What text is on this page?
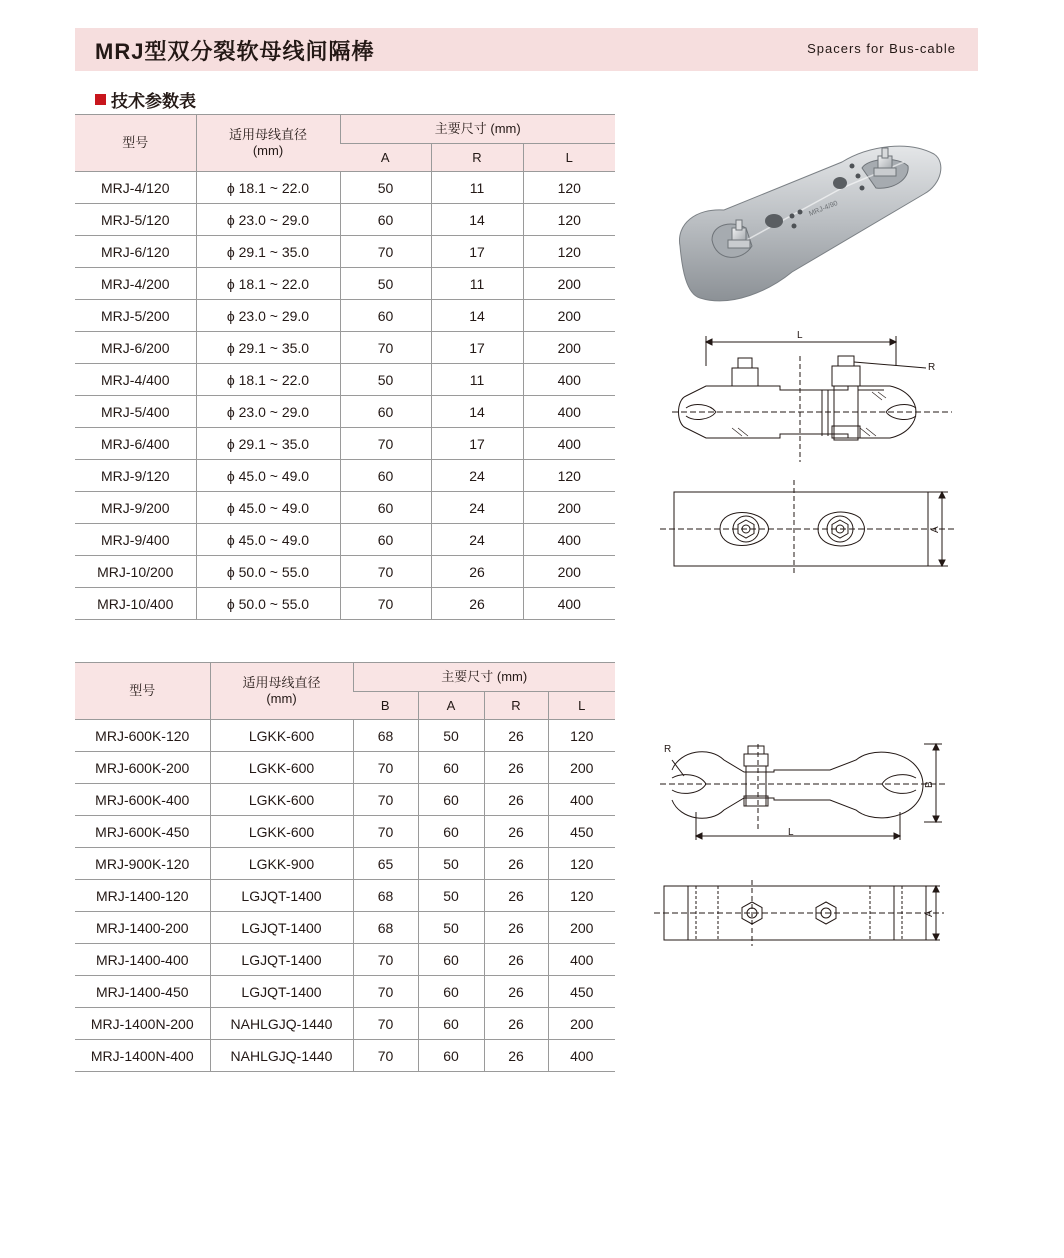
MRJ型双分裂软母线间隔棒	Spacers for Bus-cable
技术参数表
型号	适用母线直径
(mm)	主要尺寸 (mm)		
		A	R	L
MRJ-4/120	ϕ 18.1 ~ 22.0	50	11	120
MRJ-5/120	ϕ 23.0 ~ 29.0	60	14	120
MRJ-6/120	ϕ 29.1 ~ 35.0	70	17	120
MRJ-4/200	ϕ 18.1 ~ 22.0	50	11	200
MRJ-5/200	ϕ 23.0 ~ 29.0	60	14	200
MRJ-6/200	ϕ 29.1 ~ 35.0	70	17	200
MRJ-4/400	ϕ 18.1 ~ 22.0	50	11	400
MRJ-5/400	ϕ 23.0 ~ 29.0	60	14	400
MRJ-6/400	ϕ 29.1 ~ 35.0	70	17	400
MRJ-9/120	ϕ 45.0 ~ 49.0	60	24	120
MRJ-9/200	ϕ 45.0 ~ 49.0	60	24	200
MRJ-9/400	ϕ 45.0 ~ 49.0	60	24	400
MRJ-10/200	ϕ 50.0 ~ 55.0	70	26	200
MRJ-10/400	ϕ 50.0 ~ 55.0	70	26	400
型号	适用母线直径
(mm)	主要尺寸 (mm)			
		B	A	R	L
MRJ-600K-120	LGKK-600	68	50	26	120
MRJ-600K-200	LGKK-600	70	60	26	200
MRJ-600K-400	LGKK-600	70	60	26	400
MRJ-600K-450	LGKK-600	70	60	26	450
MRJ-900K-120	LGKK-900	65	50	26	120
MRJ-1400-120	LGJQT-1400	68	50	26	120
MRJ-1400-200	LGJQT-1400	68	50	26	200
MRJ-1400-400	LGJQT-1400	70	60	26	400
MRJ-1400-450	LGJQT-1400	70	60	26	450
MRJ-1400N-200	NAHLGJQ-1440	70	60	26	200
MRJ-1400N-400	NAHLGJQ-1440	70	60	26	400
MRJ-4/90
L
R
A
R
L
B
A
